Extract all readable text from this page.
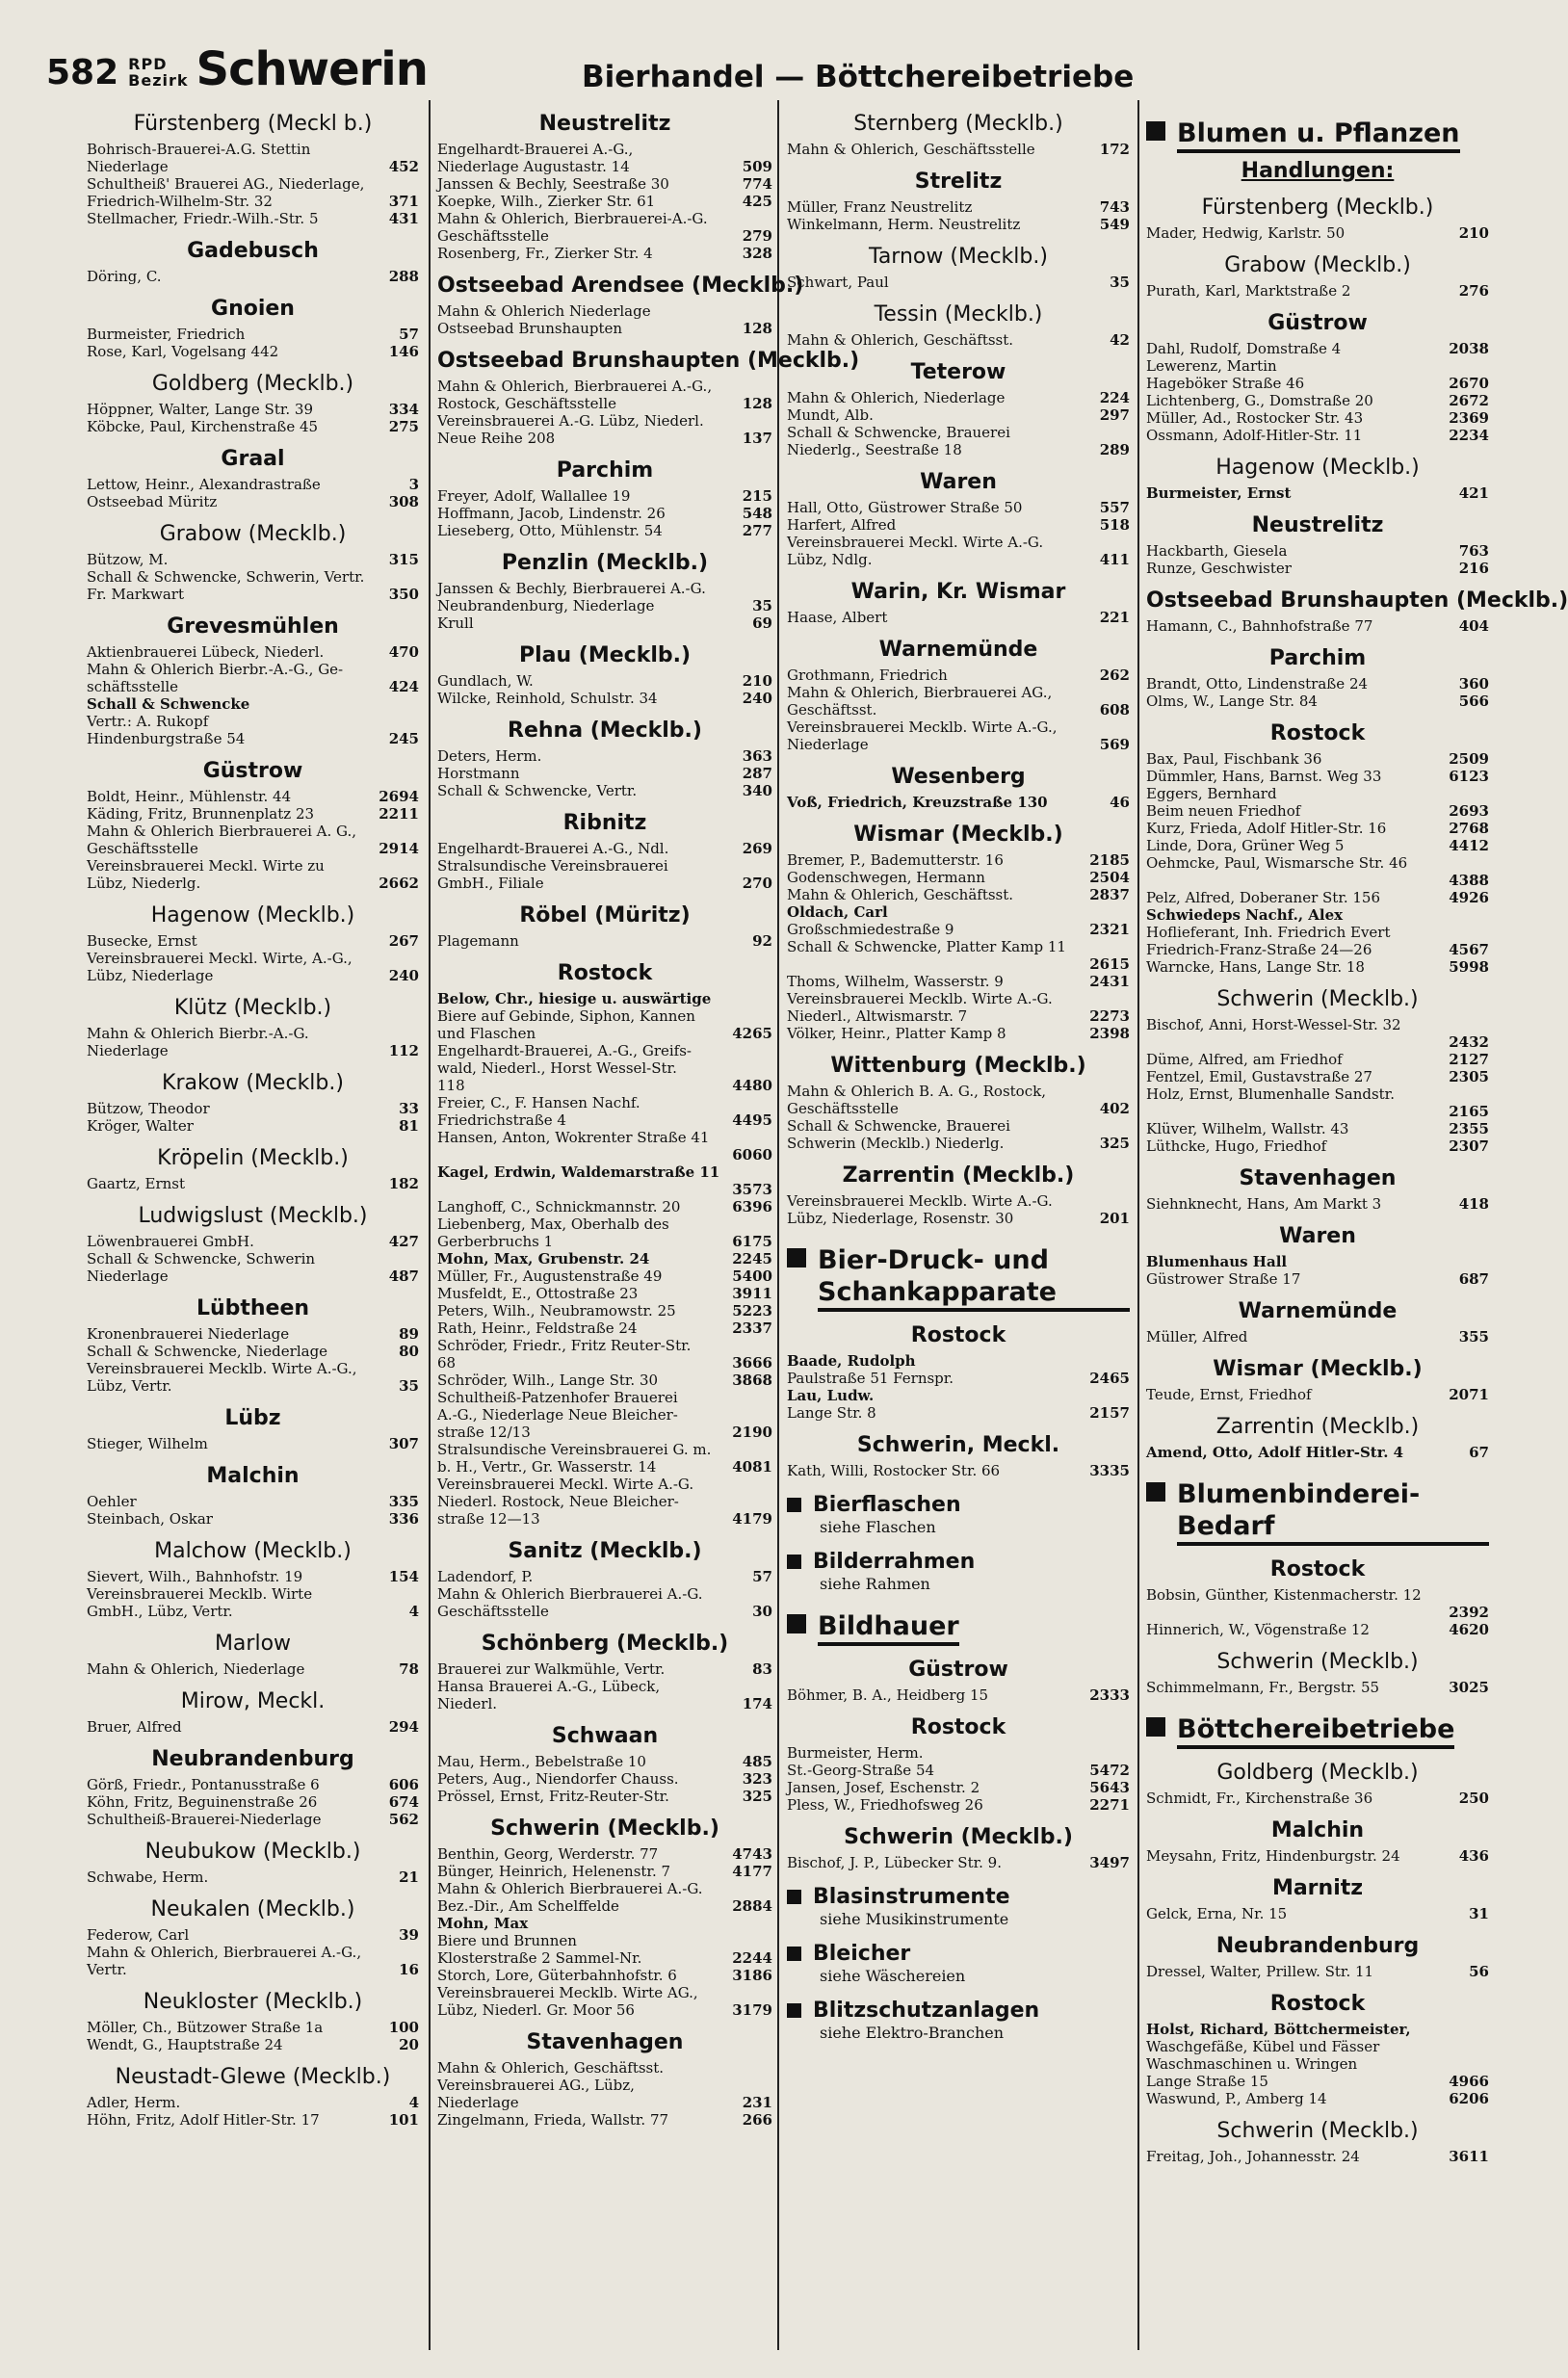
582 RPD
Bezirk Schwerin	Bierhandel — Böttchereibetriebe
Fürstenberg (Meckl b.)
Bohrisch-Brauerei-A.G. Stettin
Niederlage	452
Schultheiß' Brauerei AG., Niederlage,
Friedrich-Wilhelm-Str. 32	371
Stellmacher, Friedr.-Wilh.-Str. 5	431
Gadebusch
Döring, C.	288
Gnoien
Burmeister, Friedrich	57
Rose, Karl, Vogelsang 442	146
Goldberg (Mecklb.)
Höppner, Walter, Lange Str. 39	334
Köbcke, Paul, Kirchenstraße 45	275
Graal
Lettow, Heinr., Alexandrastraße	3
Ostseebad Müritz	308
Grabow (Mecklb.)
Bützow, M.	315
Schall & Schwencke, Schwerin, Vertr.
Fr. Markwart	350
Grevesmühlen
Aktienbrauerei Lübeck, Niederl.	470
Mahn & Ohlerich Bierbr.-A.-G., Ge-
schäftsstelle	424
Schall & Schwencke
Vertr.: A. Rukopf
Hindenburgstraße 54	245
Güstrow
Boldt, Heinr., Mühlenstr. 44	2694
Käding, Fritz, Brunnenplatz 23	2211
Mahn & Ohlerich Bierbrauerei A. G.,
Geschäftsstelle	2914
Vereinsbrauerei Meckl. Wirte zu
Lübz, Niederlg.	2662
Hagenow (Mecklb.)
Busecke, Ernst	267
Vereinsbrauerei Meckl. Wirte, A.-G.,
Lübz, Niederlage	240
Klütz (Mecklb.)
Mahn & Ohlerich Bierbr.-A.-G.
Niederlage	112
Krakow (Mecklb.)
Bützow, Theodor	33
Kröger, Walter	81
Kröpelin (Mecklb.)
Gaartz, Ernst	182
Ludwigslust (Mecklb.)
Löwenbrauerei GmbH.	427
Schall & Schwencke, Schwerin
Niederlage	487
Lübtheen
Kronenbrauerei Niederlage	89
Schall & Schwencke, Niederlage	80
Vereinsbrauerei Mecklb. Wirte A.-G.,
Lübz, Vertr.	35
Lübz
Stieger, Wilhelm	307
Malchin
Oehler	335
Steinbach, Oskar	336
Malchow (Mecklb.)
Sievert, Wilh., Bahnhofstr. 19	154
Vereinsbrauerei Mecklb. Wirte
GmbH., Lübz, Vertr.	4
Marlow
Mahn & Ohlerich, Niederlage	78
Mirow, Meckl.
Bruer, Alfred	294
Neubrandenburg
Görß, Friedr., Pontanusstraße 6	606
Köhn, Fritz, Beguinenstraße 26	674
Schultheiß-Brauerei-Niederlage	562
Neubukow (Mecklb.)
Schwabe, Herm.	21
Neukalen (Mecklb.)
Federow, Carl	39
Mahn & Ohlerich, Bierbrauerei A.-G.,
Vertr.	16
Neukloster (Mecklb.)
Möller, Ch., Bützower Straße 1a	100
Wendt, G., Hauptstraße 24	20
Neustadt-Glewe (Mecklb.)
Adler, Herm.	4
Höhn, Fritz, Adolf Hitler-Str. 17	101
Neustrelitz
Engelhardt-Brauerei A.-G.,
Niederlage Augustastr. 14	509
Janssen & Bechly, Seestraße 30	774
Koepke, Wilh., Zierker Str. 61	425
Mahn & Ohlerich, Bierbrauerei-A.-G.
Geschäftsstelle	279
Rosenberg, Fr., Zierker Str. 4	328
Ostseebad Arendsee (Mecklb.)
Mahn & Ohlerich Niederlage
Ostseebad Brunshaupten	128
Ostseebad Brunshaupten (Mecklb.)
Mahn & Ohlerich, Bierbrauerei A.-G.,
Rostock, Geschäftsstelle	128
Vereinsbrauerei A.-G. Lübz, Niederl.
Neue Reihe 208	137
Parchim
Freyer, Adolf, Wallallee 19	215
Hoffmann, Jacob, Lindenstr. 26	548
Lieseberg, Otto, Mühlenstr. 54	277
Penzlin (Mecklb.)
Janssen & Bechly, Bierbrauerei A.-G.
Neubrandenburg, Niederlage	35
Krull	69
Plau (Mecklb.)
Gundlach, W.	210
Wilcke, Reinhold, Schulstr. 34	240
Rehna (Mecklb.)
Deters, Herm.	363
Horstmann	287
Schall & Schwencke, Vertr.	340
Ribnitz
Engelhardt-Brauerei A.-G., Ndl.	269
Stralsundische Vereinsbrauerei
GmbH., Filiale	270
Röbel (Müritz)
Plagemann	92
Rostock
Below, Chr., hiesige u. auswärtige
Biere auf Gebinde, Siphon, Kannen
und Flaschen	4265
Engelhardt-Brauerei, A.-G., Greifs-
wald, Niederl., Horst Wessel-Str.
118	4480
Freier, C., F. Hansen Nachf.
Friedrichstraße 4	4495
Hansen, Anton, Wokrenter Straße 41
6060
Kagel, Erdwin, Waldemarstraße 11
3573
Langhoff, C., Schnickmannstr. 20	6396
Liebenberg, Max, Oberhalb des
Gerberbruchs 1	6175
Mohn, Max, Grubenstr. 24	2245
Müller, Fr., Augustenstraße 49	5400
Musfeldt, E., Ottostraße 23	3911
Peters, Wilh., Neubramowstr. 25	5223
Rath, Heinr., Feldstraße 24	2337
Schröder, Friedr., Fritz Reuter-Str.
68	3666
Schröder, Wilh., Lange Str. 30	3868
Schultheiß-Patzenhofer Brauerei
A.-G., Niederlage Neue Bleicher-
straße 12/13	2190
Stralsundische Vereinsbrauerei G. m.
b. H., Vertr., Gr. Wasserstr. 14	4081
Vereinsbrauerei Meckl. Wirte A.-G.
Niederl. Rostock, Neue Bleicher-
straße 12—13	4179
Sanitz (Mecklb.)
Ladendorf, P.	57
Mahn & Ohlerich Bierbrauerei A.-G.
Geschäftsstelle	30
Schönberg (Mecklb.)
Brauerei zur Walkmühle, Vertr.	83
Hansa Brauerei A.-G., Lübeck,
Niederl.	174
Schwaan
Mau, Herm., Bebelstraße 10	485
Peters, Aug., Niendorfer Chauss.	323
Prössel, Ernst, Fritz-Reuter-Str.	325
Schwerin (Mecklb.)
Benthin, Georg, Werderstr. 77	4743
Bünger, Heinrich, Helenenstr. 7	4177
Mahn & Ohlerich Bierbrauerei A.-G.
Bez.-Dir., Am Schelffelde	2884
Mohn, Max
Biere und Brunnen
Klosterstraße 2 Sammel-Nr.	2244
Storch, Lore, Güterbahnhofstr. 6	3186
Vereinsbrauerei Mecklb. Wirte AG.,
Lübz, Niederl. Gr. Moor 56	3179
Stavenhagen
Mahn & Ohlerich, Geschäftsst.
Vereinsbrauerei AG., Lübz,
Niederlage	231
Zingelmann, Frieda, Wallstr. 77	266
Sternberg (Mecklb.)
Mahn & Ohlerich, Geschäftsstelle	172
Strelitz
Müller, Franz Neustrelitz	743
Winkelmann, Herm. Neustrelitz	549
Tarnow (Mecklb.)
Schwart, Paul	35
Tessin (Mecklb.)
Mahn & Ohlerich, Geschäftsst.	42
Teterow
Mahn & Ohlerich, Niederlage	224
Mundt, Alb.	297
Schall & Schwencke, Brauerei
Niederlg., Seestraße 18	289
Waren
Hall, Otto, Güstrower Straße 50	557
Harfert, Alfred	518
Vereinsbrauerei Meckl. Wirte A.-G.
Lübz, Ndlg.	411
Warin, Kr. Wismar
Haase, Albert	221
Warnemünde
Grothmann, Friedrich	262
Mahn & Ohlerich, Bierbrauerei AG.,
Geschäftsst.	608
Vereinsbrauerei Mecklb. Wirte A.-G.,
Niederlage	569
Wesenberg
Voß, Friedrich, Kreuzstraße 130	46
Wismar (Mecklb.)
Bremer, P., Bademutterstr. 16	2185
Godenschwegen, Hermann	2504
Mahn & Ohlerich, Geschäftsst.	2837
Oldach, Carl
Großschmiedestraße 9	2321
Schall & Schwencke, Platter Kamp 11
2615
Thoms, Wilhelm, Wasserstr. 9	2431
Vereinsbrauerei Mecklb. Wirte A.-G.
Niederl., Altwismarstr. 7	2273
Völker, Heinr., Platter Kamp 8	2398
Wittenburg (Mecklb.)
Mahn & Ohlerich B. A. G., Rostock,
Geschäftsstelle	402
Schall & Schwencke, Brauerei
Schwerin (Mecklb.) Niederlg.	325
Zarrentin (Mecklb.)
Vereinsbrauerei Mecklb. Wirte A.-G.
Lübz, Niederlage, Rosenstr. 30	201
Bier-Druck- und Schankapparate
Rostock
Baade, Rudolph
Paulstraße 51 Fernspr.	2465
Lau, Ludw.
Lange Str. 8	2157
Schwerin, Meckl.
Kath, Willi, Rostocker Str. 66	3335
Bierflaschen
siehe Flaschen
Bilderrahmen
siehe Rahmen
Bildhauer
Güstrow
Böhmer, B. A., Heidberg 15	2333
Rostock
Burmeister, Herm.
St.-Georg-Straße 54	5472
Jansen, Josef, Eschenstr. 2	5643
Pless, W., Friedhofsweg 26	2271
Schwerin (Mecklb.)
Bischof, J. P., Lübecker Str. 9.	3497
Blasinstrumente
siehe Musikinstrumente
Bleicher
siehe Wäschereien
Blitzschutzanlagen
siehe Elektro-Branchen
Blumen u. Pflanzen
Handlungen:
Fürstenberg (Mecklb.)
Mader, Hedwig, Karlstr. 50	210
Grabow (Mecklb.)
Purath, Karl, Marktstraße 2	276
Güstrow
Dahl, Rudolf, Domstraße 4	2038
Lewerenz, Martin
Hageböker Straße 46	2670
Lichtenberg, G., Domstraße 20	2672
Müller, Ad., Rostocker Str. 43	2369
Ossmann, Adolf-Hitler-Str. 11	2234
Hagenow (Mecklb.)
Burmeister, Ernst	421
Neustrelitz
Hackbarth, Giesela	763
Runze, Geschwister	216
Ostseebad Brunshaupten (Mecklb.)
Hamann, C., Bahnhofstraße 77	404
Parchim
Brandt, Otto, Lindenstraße 24	360
Olms, W., Lange Str. 84	566
Rostock
Bax, Paul, Fischbank 36	2509
Dümmler, Hans, Barnst. Weg 33	6123
Eggers, Bernhard
Beim neuen Friedhof	2693
Kurz, Frieda, Adolf Hitler-Str. 16	2768
Linde, Dora, Grüner Weg 5	4412
Oehmcke, Paul, Wismarsche Str. 46
4388
Pelz, Alfred, Doberaner Str. 156	4926
Schwiedeps Nachf., Alex
Hoflieferant, Inh. Friedrich Evert
Friedrich-Franz-Straße 24—26	4567
Warncke, Hans, Lange Str. 18	5998
Schwerin (Mecklb.)
Bischof, Anni, Horst-Wessel-Str. 32
2432
Düme, Alfred, am Friedhof	2127
Fentzel, Emil, Gustavstraße 27	2305
Holz, Ernst, Blumenhalle Sandstr.
2165
Klüver, Wilhelm, Wallstr. 43	2355
Lüthcke, Hugo, Friedhof	2307
Stavenhagen
Siehnknecht, Hans, Am Markt 3	418
Waren
Blumenhaus Hall
Güstrower Straße 17	687
Warnemünde
Müller, Alfred	355
Wismar (Mecklb.)
Teude, Ernst, Friedhof	2071
Zarrentin (Mecklb.)
Amend, Otto, Adolf Hitler-Str. 4	67
Blumenbinderei-Bedarf
Rostock
Bobsin, Günther, Kistenmacherstr. 12
2392
Hinnerich, W., Vögenstraße 12	4620
Schwerin (Mecklb.)
Schimmelmann, Fr., Bergstr. 55	3025
Böttchereibetriebe
Goldberg (Mecklb.)
Schmidt, Fr., Kirchenstraße 36	250
Malchin
Meysahn, Fritz, Hindenburgstr. 24	436
Marnitz
Gelck, Erna, Nr. 15	31
Neubrandenburg
Dressel, Walter, Prillew. Str. 11	56
Rostock
Holst, Richard, Böttchermeister,
Waschgefäße, Kübel und Fässer
Waschmaschinen u. Wringen
Lange Straße 15	4966
Waswund, P., Amberg 14	6206
Schwerin (Mecklb.)
Freitag, Joh., Johannesstr. 24	3611
